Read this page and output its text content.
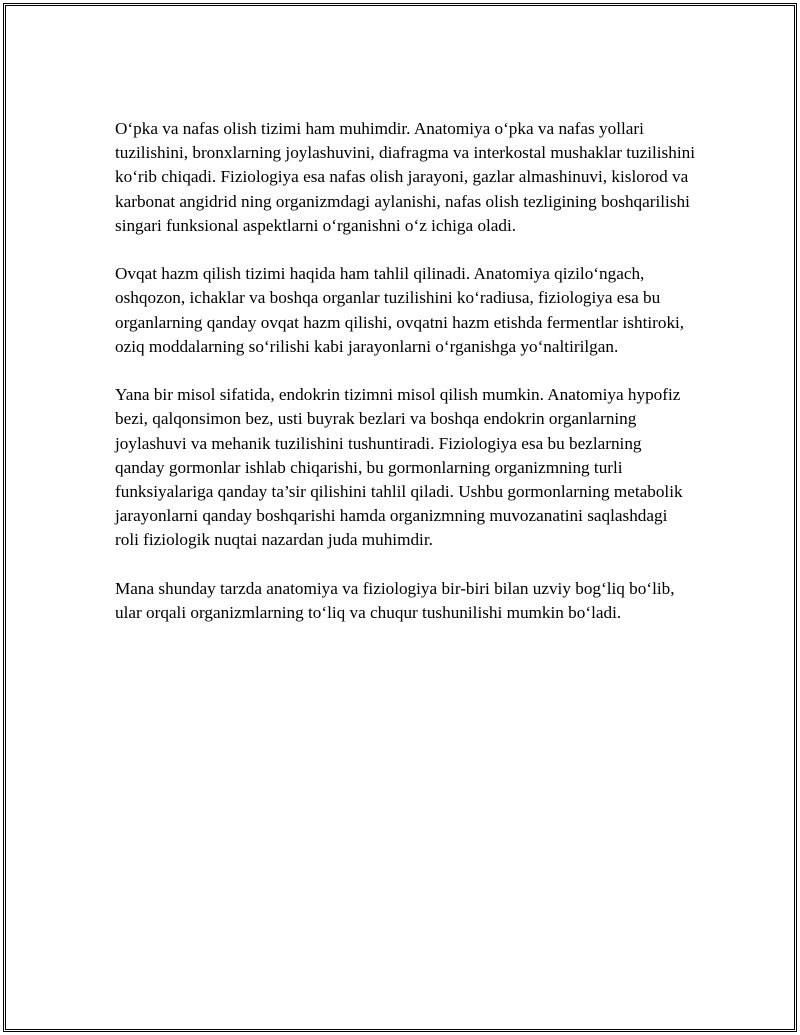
O‘pka va nafas olish tizimi ham muhimdir. Anatomiya o‘pka va nafas yollari tuzilishini, bronxlarning joylashuvini, diafragma va interkostal mushaklar tuzilishini ko‘rib chiqadi. Fiziologiya esa nafas olish jarayoni, gazlar almashinuvi, kislorod va karbonat angidrid ning organizmdagi aylanishi, nafas olish tezligining boshqarilishi singari funksional aspektlarni o‘rganishni o‘z ichiga oladi.

Ovqat hazm qilish tizimi haqida ham tahlil qilinadi. Anatomiya qizilo‘ngach, oshqozon, ichaklar va boshqa organlar tuzilishini ko‘radiusa, fiziologiya esa bu organlarning qanday ovqat hazm qilishi, ovqatni hazm etishda fermentlar ishtiroki, oziq moddalarning so‘rilishi kabi jarayonlarni o‘rganishga yo‘naltirilgan.

Yana bir misol sifatida, endokrin tizimni misol qilish mumkin. Anatomiya hypofiz bezi, qalqonsimon bez, usti buyrak bezlari va boshqa endokrin organlarning joylashuvi va mehanik tuzilishini tushuntiradi. Fiziologiya esa bu bezlarning qanday gormonlar ishlab chiqarishi, bu gormonlarning organizmning turli funksiyalariga qanday ta’sir qilishini tahlil qiladi. Ushbu gormonlarning metabolik jarayonlarni qanday boshqarishi hamda organizmning muvozanatini saqlashdagi roli fiziologik nuqtai nazardan juda muhimdir.

Mana shunday tarzda anatomiya va fiziologiya bir-biri bilan uzviy bog‘liq bo‘lib, ular orqali organizmlarning to‘liq va chuqur tushunilishi mumkin bo‘ladi.
